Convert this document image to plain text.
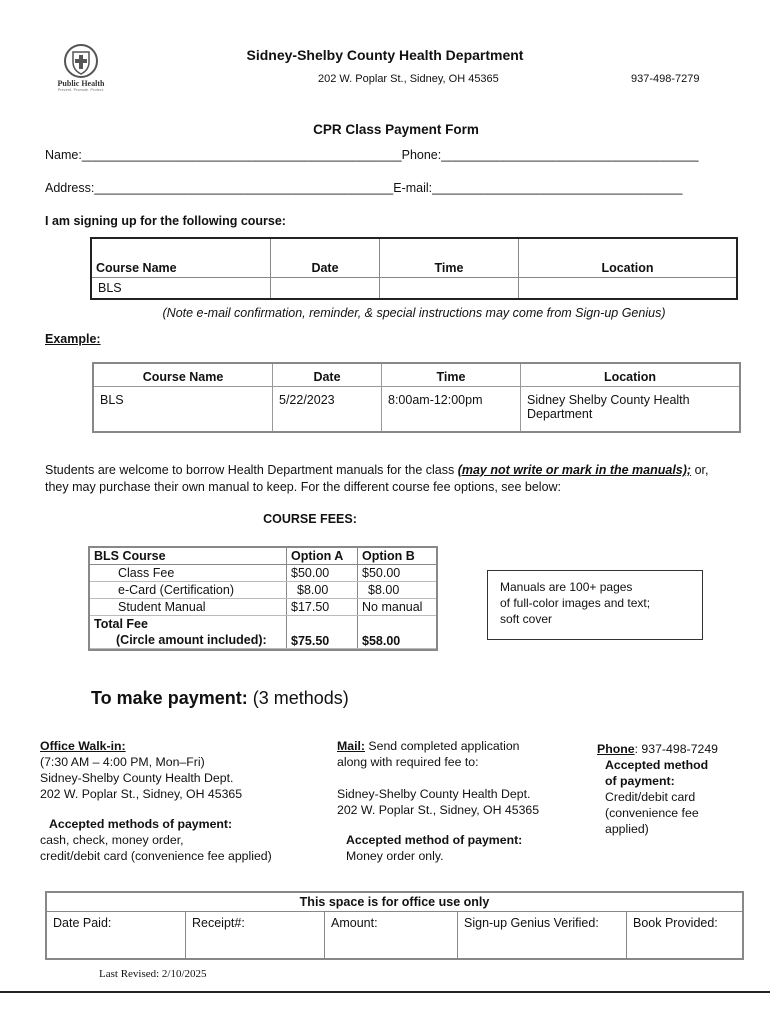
Public Health
Prevent. Promote. Protect.
Sidney-Shelby County Health Department
202 W. Poplar St., Sidney, OH 45365	937-498-7279
CPR Class Payment Form
Name:______________________________________________Phone:_____________________________________
Address:___________________________________________E-mail:____________________________________
I am signing up for the following course:
Course Name	Date	Time	Location
BLS			
(Note e-mail confirmation, reminder, & special instructions may come from Sign-up Genius)
Example:
Course Name	Date	Time	Location
BLS	5/22/2023	8:00am-12:00pm	Sidney Shelby County Health Department
Students are welcome to borrow Health Department manuals for the class (may not write or mark in the manuals); or, they may purchase their own manual to keep. For the different course fee options, see below:
COURSE FEES:
BLS Course	Option A	Option B
Class Fee	$50.00	$50.00
e-Card (Certification)	$8.00	$8.00
Student Manual	$17.50	No manual

Total Fee
(Circle amount included):	$75.50	$58.00
Manuals are 100+ pages
of full-color images and text;
soft cover
To make payment: (3 methods)
Office Walk-in:
(7:30 AM – 4:00 PM, Mon–Fri)
Sidney-Shelby County Health Dept.
202 W. Poplar St., Sidney, OH 45365
Accepted methods of payment:
cash, check, money order,
credit/debit card (convenience fee applied)
Mail: Send completed application
along with required fee to:
Sidney-Shelby County Health Dept.
202 W. Poplar St., Sidney, OH 45365
Accepted method of payment:
Money order only.
Phone: 937-498-7249
Accepted method
of payment:
Credit/debit card
(convenience fee
applied)
This space is for office use only
Date Paid:	Receipt#:	Amount:	Sign-up Genius Verified:	Book Provided:
Last Revised: 2/10/2025
